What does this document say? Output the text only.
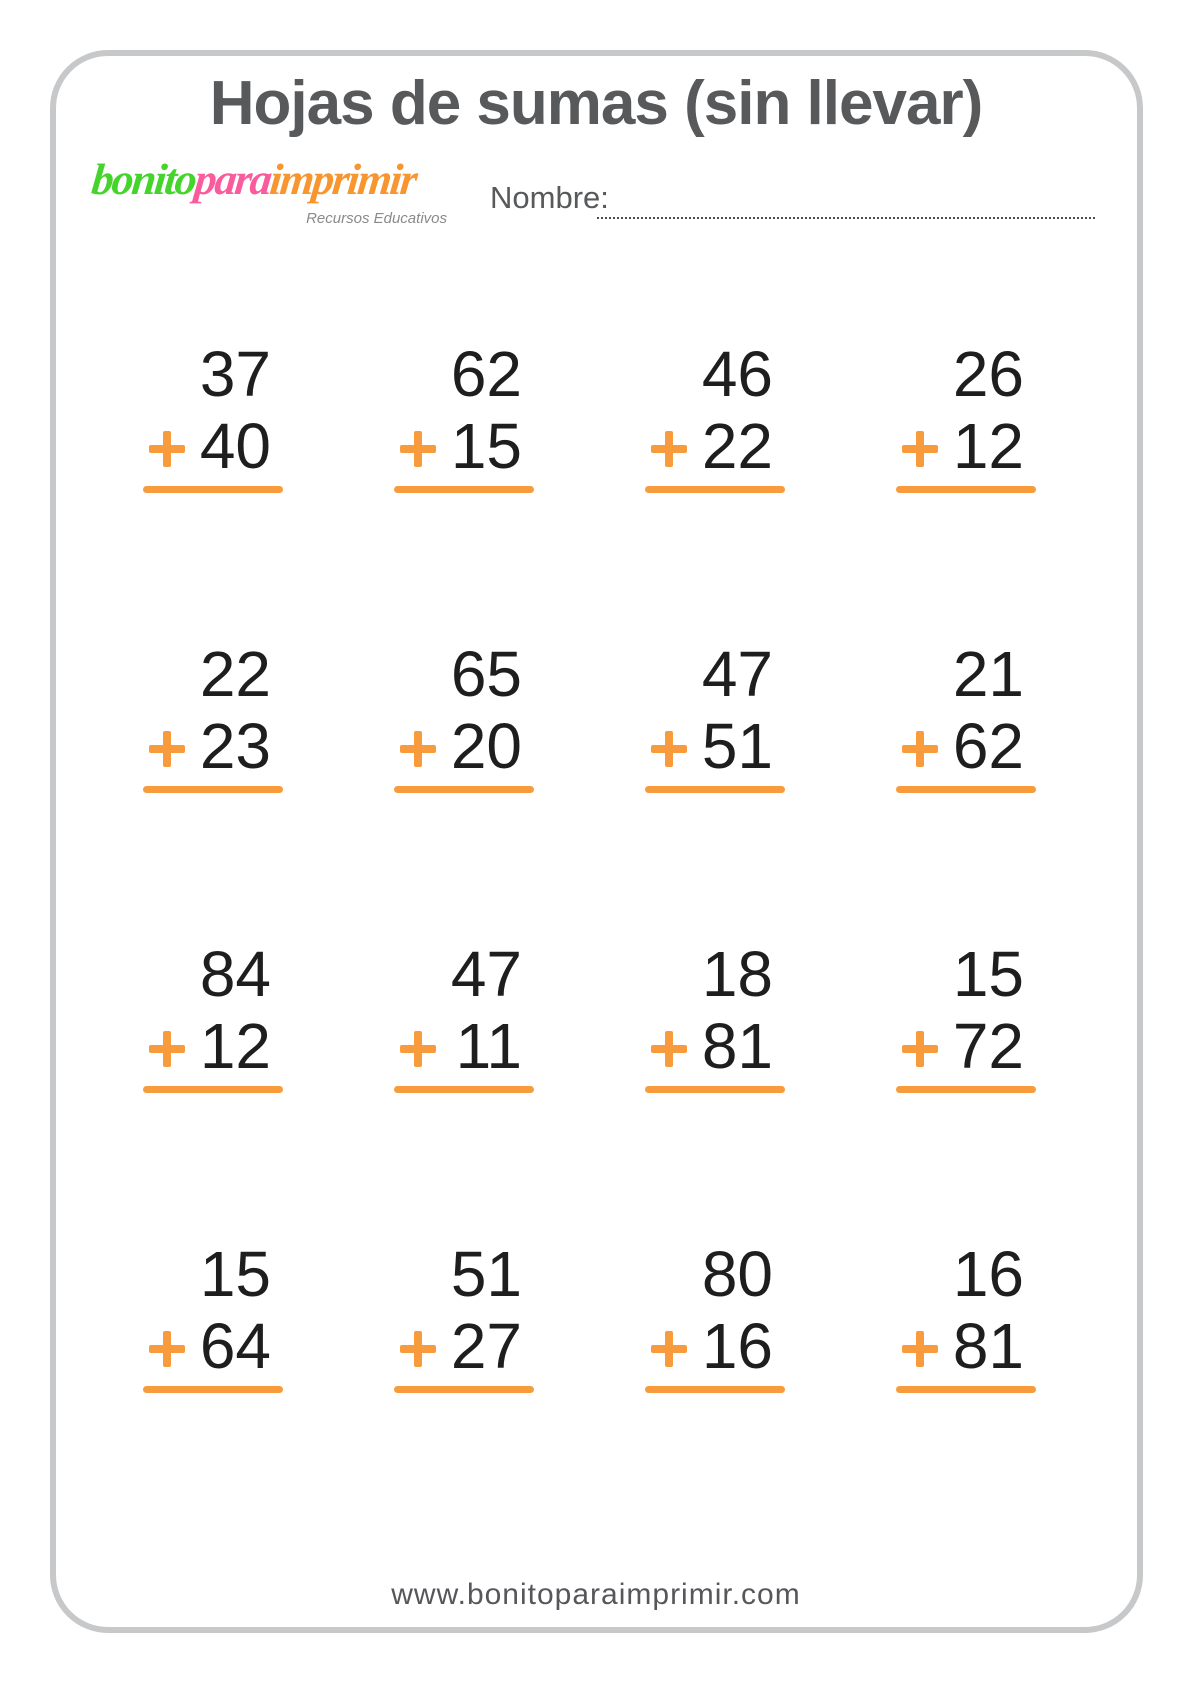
Hojas de sumas (sin llevar)
bonitoparaimprimir
Recursos Educativos
Nombre:
37
40
62
15
46
22
26
12
22
23
65
20
47
51
21
62
84
12
47
11
18
81
15
72
15
64
51
27
80
16
16
81
www.bonitoparaimprimir.com
